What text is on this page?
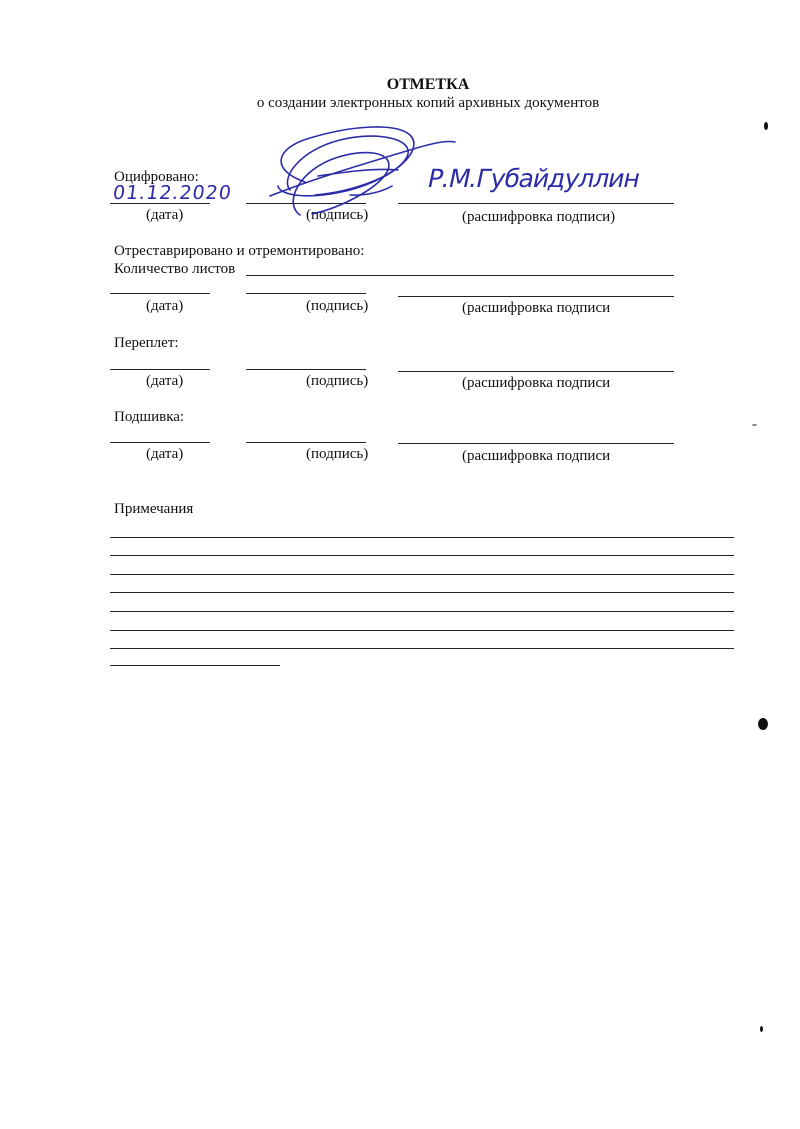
ОТМЕТКА
о создании электронных копий архивных документов
Оцифровано:
01.12.2020	Р.М.Губайдуллин
(дата)	(подпись)	(расшифровка подписи)
Отреставрировано и отремонтировано:
Количество листов
(дата)	(подпись)	(расшифровка подписи
Переплет:
(дата)	(подпись)	(расшифровка подписи
Подшивка:
(дата)	(подпись)	(расшифровка подписи
Примечания
